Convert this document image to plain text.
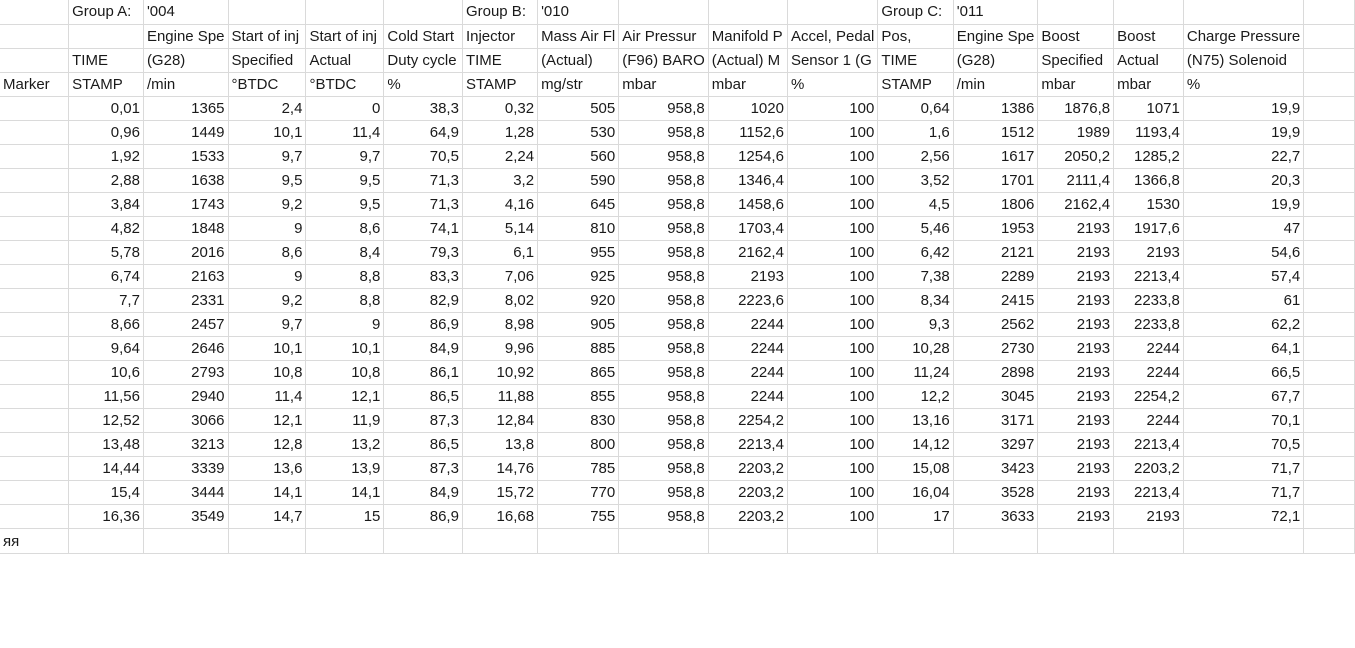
	Group A:	'004				Group B:	'010				Group C:	'011				
		Engine Spe	Start of inj	Start of inj	Cold Start	Injector	Mass Air Fl	Air Pressur	Manifold P	Accel, Pedal	Pos,	Engine Spe	Boost	Boost	Charge Pressure	
	TIME	(G28)	Specified	Actual	Duty cycle	TIME	(Actual)	(F96) BARO	(Actual) M	Sensor 1 (G	TIME	(G28)	Specified	Actual	(N75) Solenoid	
Marker	STAMP	/min	°BTDC	°BTDC	%	STAMP	mg/str	mbar	mbar	%	STAMP	/min	mbar	mbar	%	
	0,01	1365	2,4	0	38,3	0,32	505	958,8	1020	100	0,64	1386	1876,8	1071	19,9	
	0,96	1449	10,1	11,4	64,9	1,28	530	958,8	1152,6	100	1,6	1512	1989	1193,4	19,9	
	1,92	1533	9,7	9,7	70,5	2,24	560	958,8	1254,6	100	2,56	1617	2050,2	1285,2	22,7	
	2,88	1638	9,5	9,5	71,3	3,2	590	958,8	1346,4	100	3,52	1701	2111,4	1366,8	20,3	
	3,84	1743	9,2	9,5	71,3	4,16	645	958,8	1458,6	100	4,5	1806	2162,4	1530	19,9	
	4,82	1848	9	8,6	74,1	5,14	810	958,8	1703,4	100	5,46	1953	2193	1917,6	47	
	5,78	2016	8,6	8,4	79,3	6,1	955	958,8	2162,4	100	6,42	2121	2193	2193	54,6	
	6,74	2163	9	8,8	83,3	7,06	925	958,8	2193	100	7,38	2289	2193	2213,4	57,4	
	7,7	2331	9,2	8,8	82,9	8,02	920	958,8	2223,6	100	8,34	2415	2193	2233,8	61	
	8,66	2457	9,7	9	86,9	8,98	905	958,8	2244	100	9,3	2562	2193	2233,8	62,2	
	9,64	2646	10,1	10,1	84,9	9,96	885	958,8	2244	100	10,28	2730	2193	2244	64,1	
	10,6	2793	10,8	10,8	86,1	10,92	865	958,8	2244	100	11,24	2898	2193	2244	66,5	
	11,56	2940	11,4	12,1	86,5	11,88	855	958,8	2244	100	12,2	3045	2193	2254,2	67,7	
	12,52	3066	12,1	11,9	87,3	12,84	830	958,8	2254,2	100	13,16	3171	2193	2244	70,1	
	13,48	3213	12,8	13,2	86,5	13,8	800	958,8	2213,4	100	14,12	3297	2193	2213,4	70,5	
	14,44	3339	13,6	13,9	87,3	14,76	785	958,8	2203,2	100	15,08	3423	2193	2203,2	71,7	
	15,4	3444	14,1	14,1	84,9	15,72	770	958,8	2203,2	100	16,04	3528	2193	2213,4	71,7	
	16,36	3549	14,7	15	86,9	16,68	755	958,8	2203,2	100	17	3633	2193	2193	72,1	
яя																
